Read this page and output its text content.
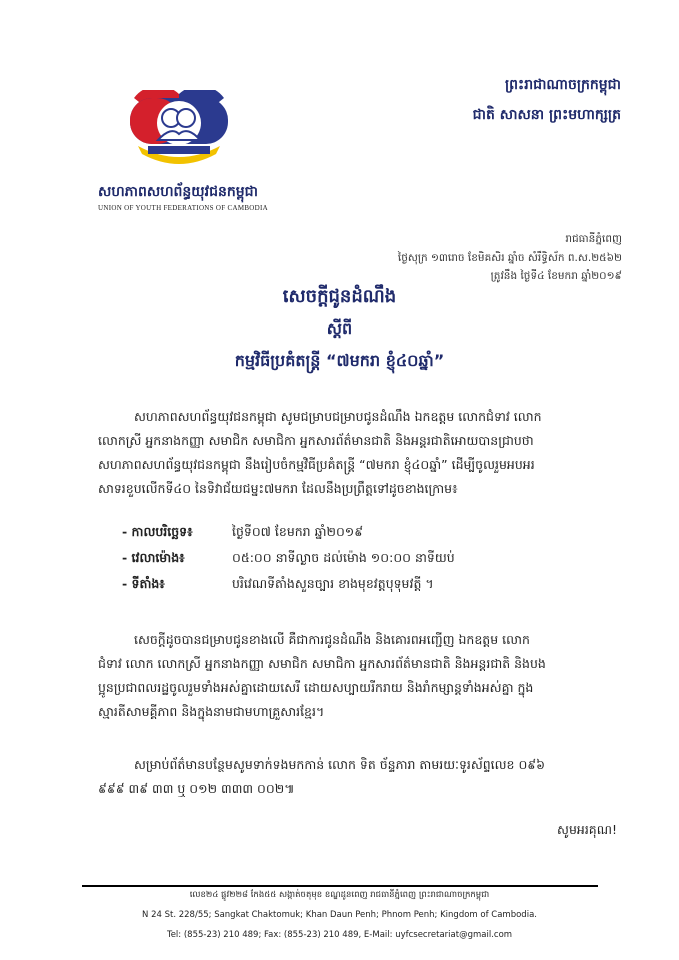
ព្រះរាជាណាចក្រកម្ពុជា
ជាតិ សាសនា ព្រះមហាក្សត្រ
សហភាពសហព័ន្ធយុវជនកម្ពុជា
UNION OF YOUTH FEDERATIONS OF CAMBODIA
រាជធានីភ្នំពេញ
ថ្ងៃសុក្រ ១៣រោច ខែមិគសិរ ឆ្នាំច សំរឹទ្ធិស័ក ព.ស.២៥៦២
ត្រូវនឹង ថ្ងៃទី៤ ខែមករា ឆ្នាំ២០១៩
សេចក្តីជូនដំណឹង
ស្តីពី
កម្មវិធីប្រគំតន្ត្រី “៧មករា ខ្ញុំ៤០ឆ្នាំ”
សហភាពសហព័ន្ធយុវជនកម្ពុជា សូមជម្រាបជម្រាបជូនដំណឹង ឯកឧត្តម លោកជំទាវ លោក
លោកស្រី អ្នកនាងកញ្ញា សមាជិក សមាជិកា អ្នកសារព័ត៌មានជាតិ និងអន្តរជាតិអោយបានជ្រាបថា
សហភាពសហព័ន្ធយុវជនកម្ពុជា នឹងរៀបចំកម្មវិធីប្រគំតន្ត្រី “៧មករា ខ្ញុំ៤០ឆ្នាំ” ដើម្បីចូលរួមអបអរ
សាទរខួបលើកទី៤០ នៃទិវាជ័យជម្នះ៧មករា ដែលនឹងប្រព្រឹត្តទៅដូចខាងក្រោម៖
- កាលបរិច្ឆេទ៖	ថ្ងៃទី០៧ ខែមករា ឆ្នាំ២០១៩
- វេលាម៉ោង៖	០៥:០០ នាទីល្ងាច ដល់ម៉ោង ១០:០០ នាទីយប់
- ទីតាំង៖	បរិវេណទីតាំងសួនច្បារ ខាងមុខវត្តបុទុមវត្តី ។
សេចក្តីដូចបានជម្រាបជូនខាងលើ គឺជាការជូនដំណឹង និងគោរពអញ្ជើញ ឯកឧត្តម លោក
ជំទាវ លោក លោកស្រី អ្នកនាងកញ្ញា សមាជិក សមាជិកា អ្នកសារព័ត៌មានជាតិ និងអន្តរជាតិ និងបង
ប្អូនប្រជាពលរដ្ឋចូលរួមទាំងអស់គ្នាដោយសេរី ដោយសប្បាយរីករាយ និងរាំកម្សាន្តទាំងអស់គ្នា ក្នុង
ស្មារតីសាមគ្គីភាព និងក្នុងនាមជាមហាគ្រួសារខ្មែរ។
សម្រាប់ព័ត៌មានបន្ថែមសូមទាក់ទងមកកាន់ លោក ទិត ច័ន្ទភារា តាមរយៈទូរស័ព្ទលេខ ០៩៦
៩៩៩ ៣៩ ៣៣ ឬ ០១២ ៣៣៣ ០០២៕
សូមអរគុណ!
លេខ២៤ ផ្លូវ២២៨ កែង៥៥ សង្កាត់ចតុមុខ ខណ្ឌដូនពេញ រាជធានីភ្នំពេញ ព្រះរាជាណាចក្រកម្ពុជា
N 24 St. 228/55; Sangkat Chaktomuk; Khan Daun Penh; Phnom Penh; Kingdom of Cambodia.
Tel: (855-23) 210 489; Fax: (855-23) 210 489, E-Mail: uyfcsecretariat@gmail.com
